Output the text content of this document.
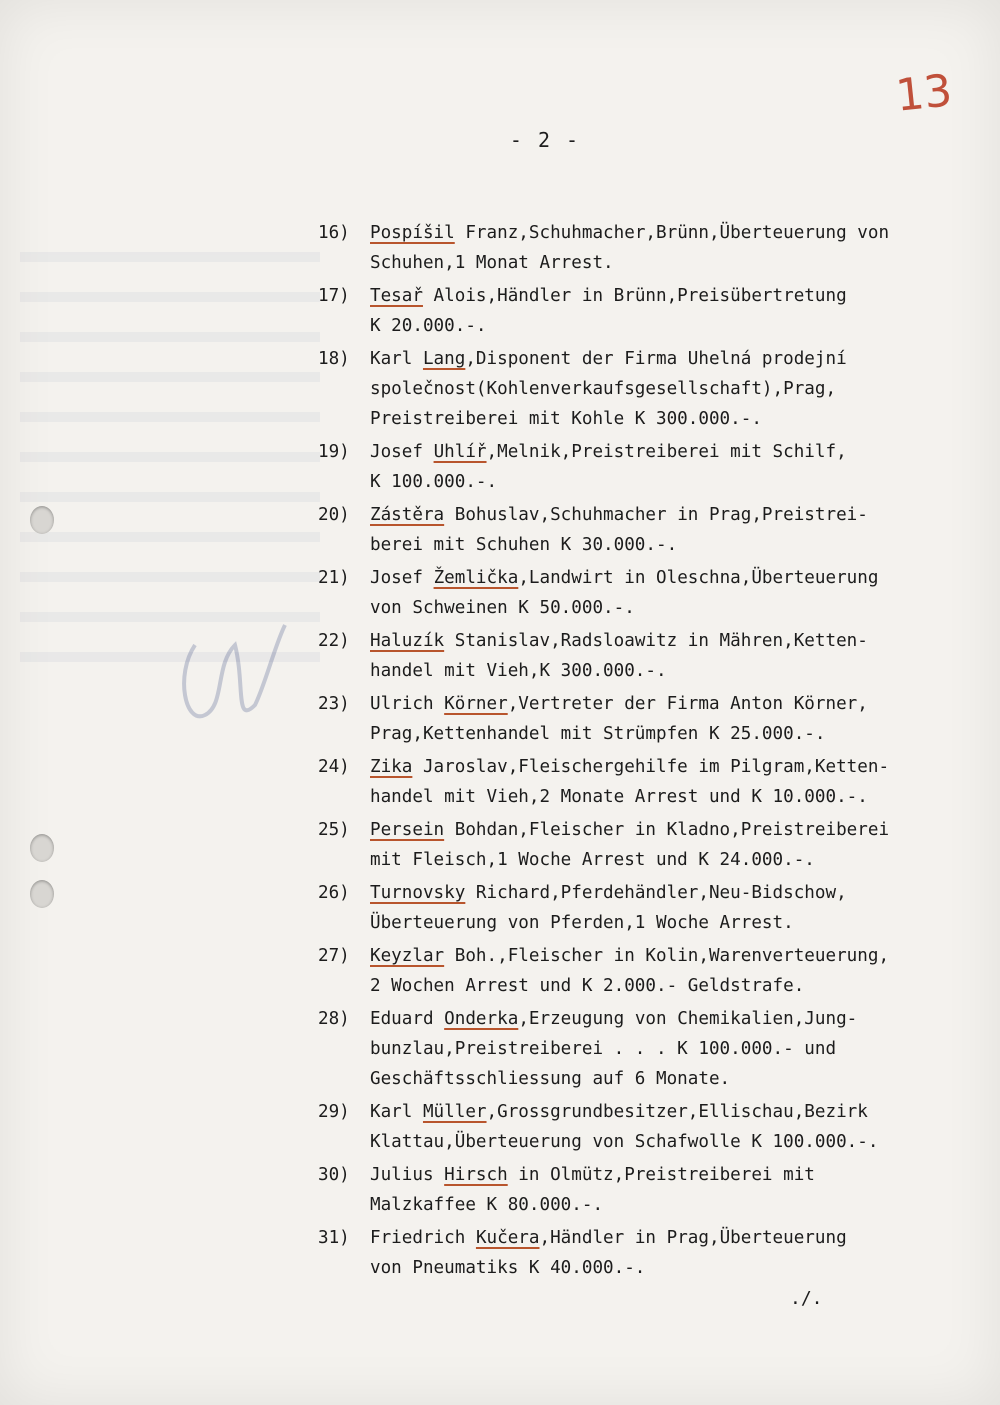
13
- 2 -
16)	Pospíšil Franz,Schuhmacher,Brünn,Überteuerung von
Schuhen,1 Monat Arrest.
17)	Tesař Alois,Händler in Brünn,Preisübertretung
K 20.000.-.
18)	Karl Lang,Disponent der Firma Uhelná prodejní
společnost(Kohlenverkaufsgesellschaft),Prag,
Preistreiberei mit Kohle K 300.000.-.
19)	Josef Uhlíř,Melnik,Preistreiberei mit Schilf,
K 100.000.-.
20)	Zástěra Bohuslav,Schuhmacher in Prag,Preistrei-
berei mit Schuhen K 30.000.-.
21)	Josef Žemlička,Landwirt in Oleschna,Überteuerung
von Schweinen K 50.000.-.
22)	Haluzík Stanislav,Radsloawitz in Mähren,Ketten-
handel mit Vieh,K 300.000.-.
23)	Ulrich Körner,Vertreter der Firma Anton Körner,
Prag,Kettenhandel mit Strümpfen K 25.000.-.
24)	Zika Jaroslav,Fleischergehilfe im Pilgram,Ketten-
handel mit Vieh,2 Monate Arrest und K 10.000.-.
25)	Persein Bohdan,Fleischer in Kladno,Preistreiberei
mit Fleisch,1 Woche Arrest und K 24.000.-.
26)	Turnovsky Richard,Pferdehändler,Neu-Bidschow,
Überteuerung von Pferden,1 Woche Arrest.
27)	Keyzlar Boh.,Fleischer in Kolin,Warenverteuerung,
2 Wochen Arrest und K 2.000.- Geldstrafe.
28)	Eduard Onderka,Erzeugung von Chemikalien,Jung-
bunzlau,Preistreiberei . . . K 100.000.- und
Geschäftsschliessung auf 6 Monate.
29)	Karl Müller,Grossgrundbesitzer,Ellischau,Bezirk
Klattau,Überteuerung von Schafwolle K 100.000.-.
30)	Julius Hirsch in Olmütz,Preistreiberei mit
Malzkaffee K 80.000.-.
31)	Friedrich Kučera,Händler in Prag,Überteuerung
von Pneumatiks K 40.000.-.
./.
